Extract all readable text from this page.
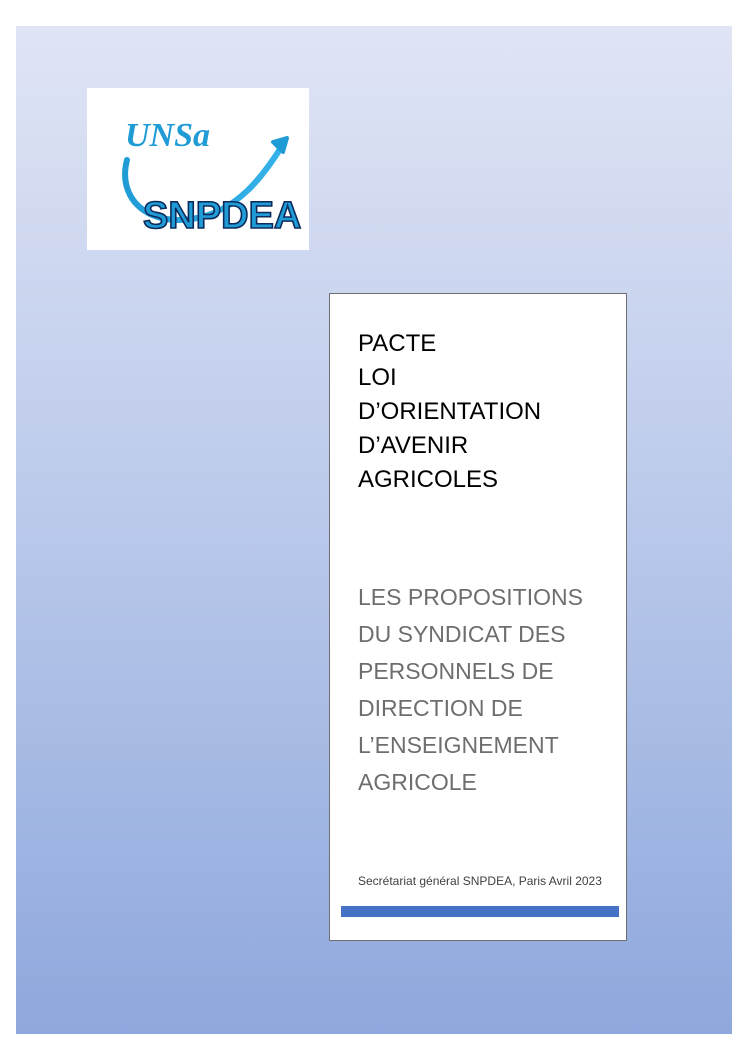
UNSa
SNPDEA
PACTE
LOI
D’ORIENTATION
D’AVENIR
AGRICOLES
LES PROPOSITIONS
DU SYNDICAT DES
PERSONNELS DE
DIRECTION DE
L’ENSEIGNEMENT
AGRICOLE
Secrétariat général SNPDEA, Paris Avril 2023
